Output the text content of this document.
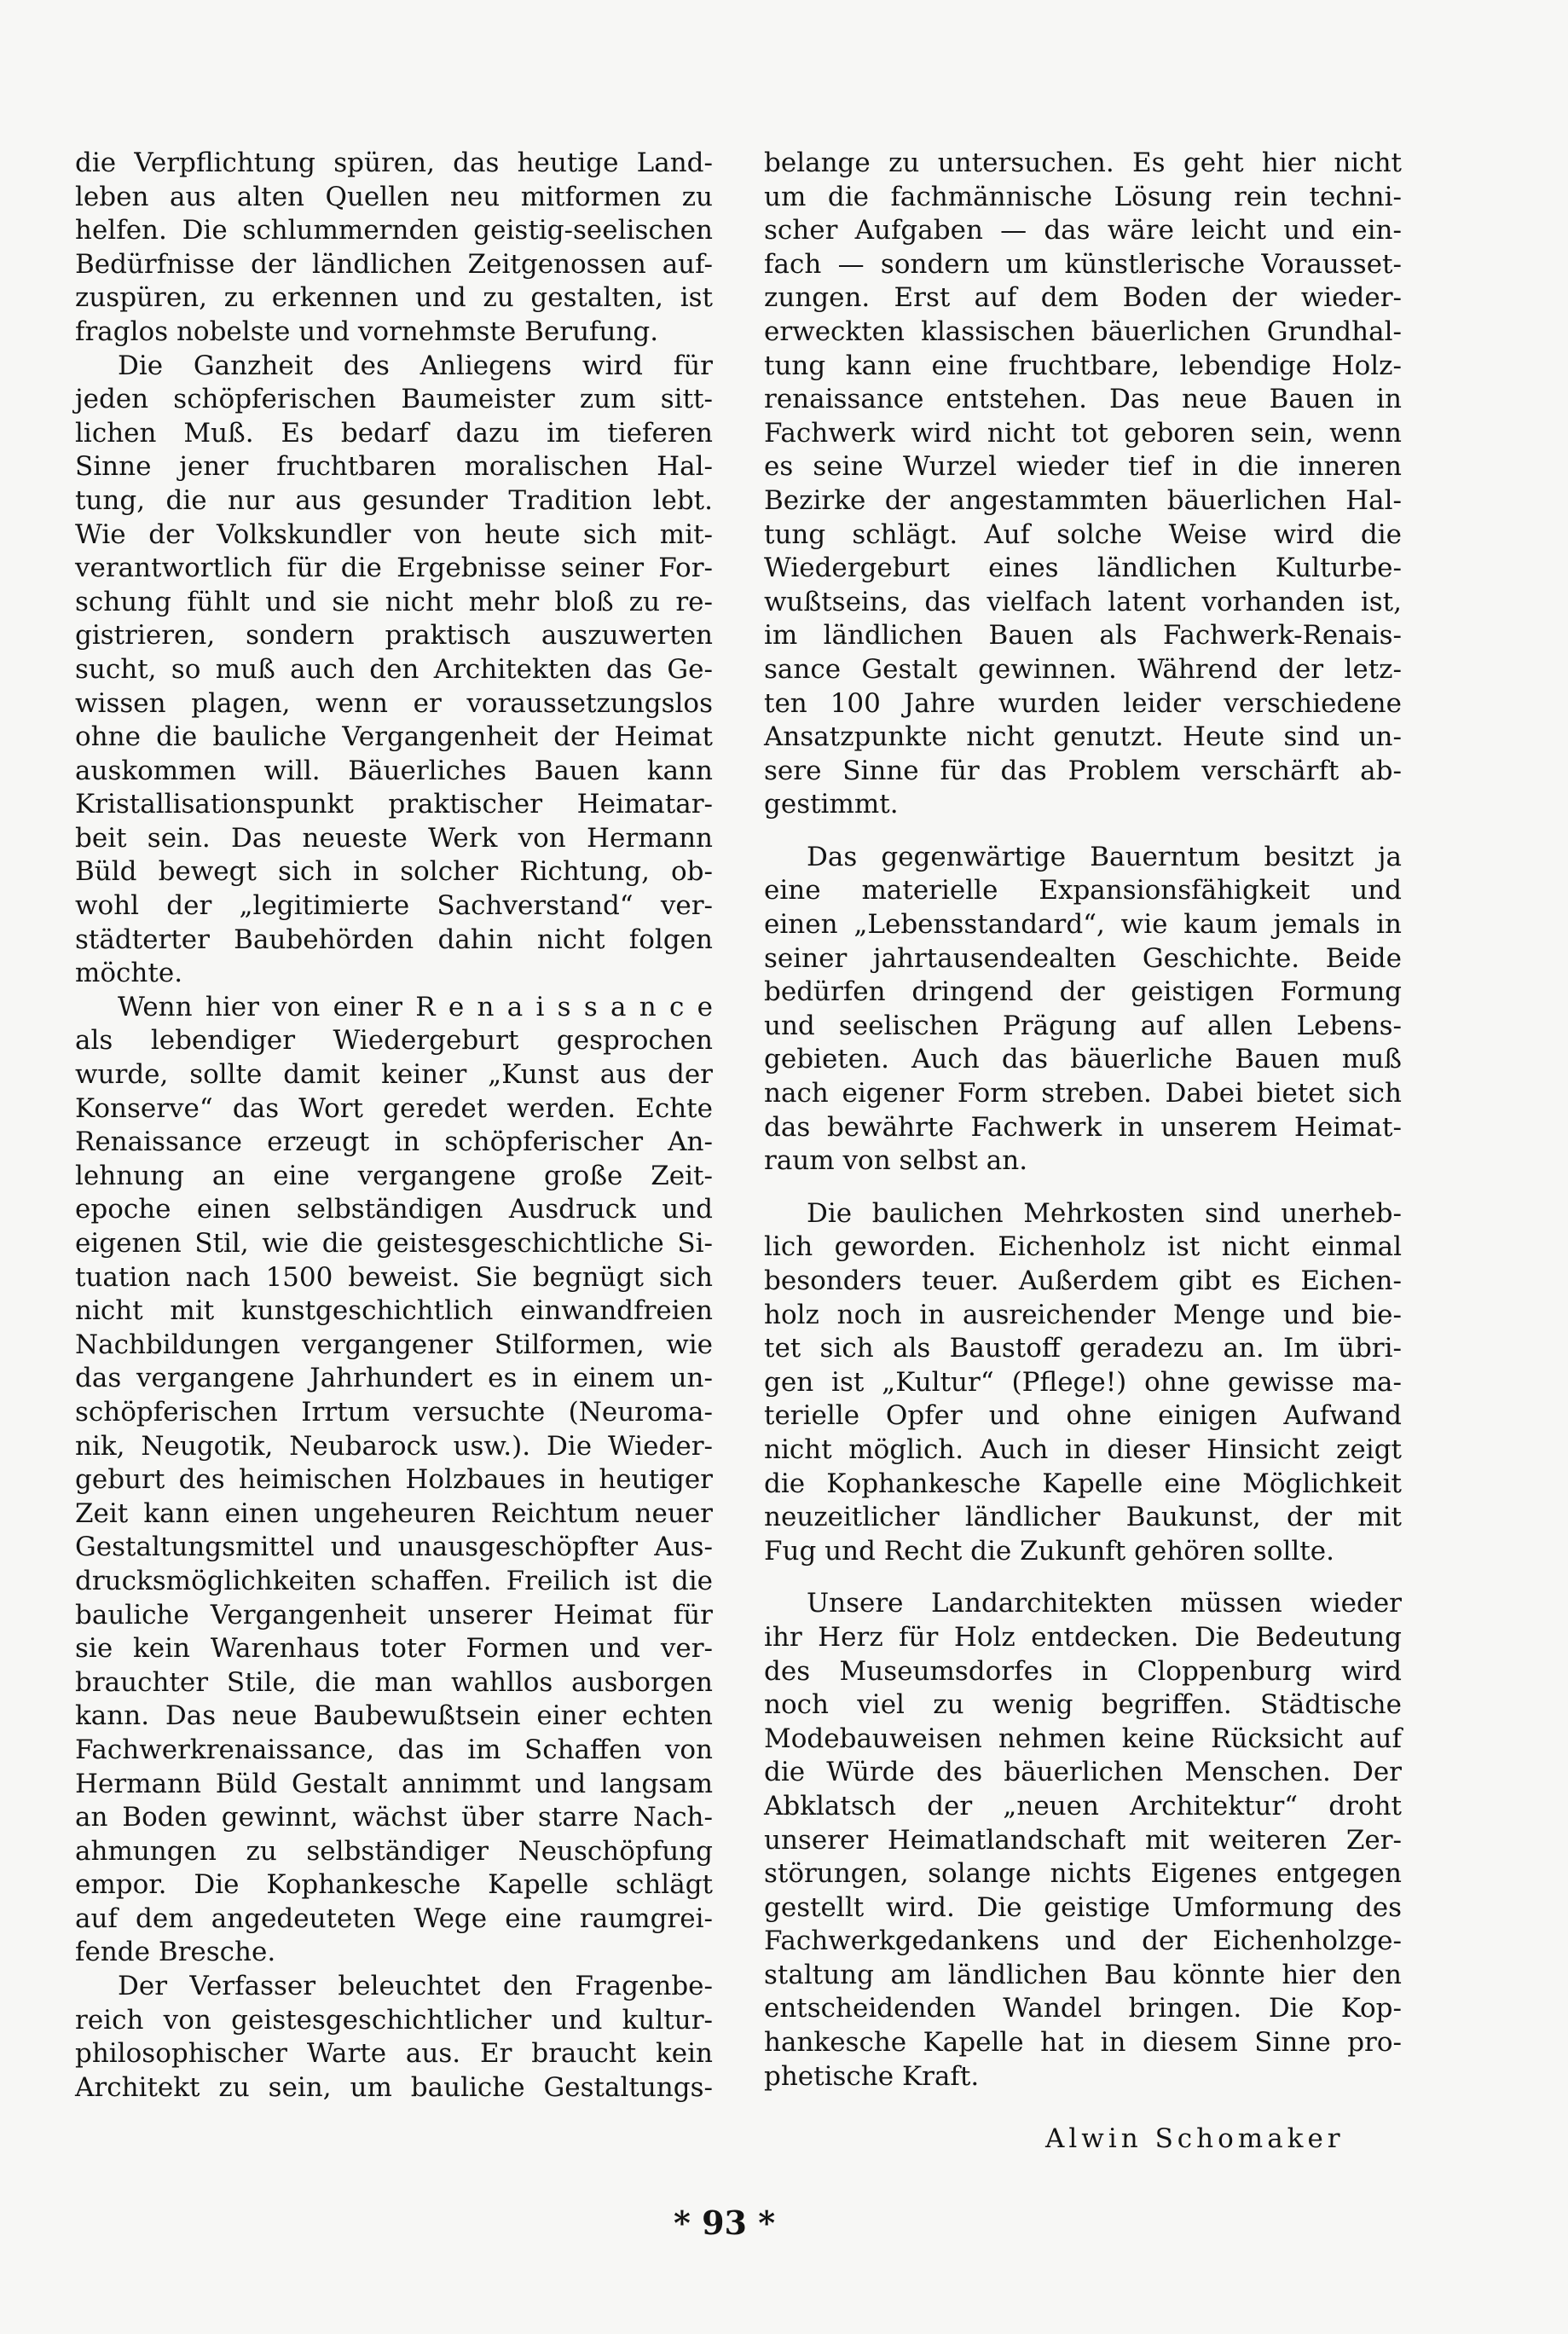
die Verpflichtung spüren, das heutige Land-
leben aus alten Quellen neu mitformen zu
helfen. Die schlummernden geistig-seelischen
Bedürfnisse der ländlichen Zeitgenossen auf-
zuspüren, zu erkennen und zu gestalten, ist
fraglos nobelste und vornehmste Berufung.
Die Ganzheit des Anliegens wird für
jeden schöpferischen Baumeister zum sitt-
lichen Muß. Es bedarf dazu im tieferen
Sinne jener fruchtbaren moralischen Hal-
tung, die nur aus gesunder Tradition lebt.
Wie der Volkskundler von heute sich mit-
verantwortlich für die Ergebnisse seiner For-
schung fühlt und sie nicht mehr bloß zu re-
gistrieren, sondern praktisch auszuwerten
sucht, so muß auch den Architekten das Ge-
wissen plagen, wenn er voraussetzungslos
ohne die bauliche Vergangenheit der Heimat
auskommen will. Bäuerliches Bauen kann
Kristallisationspunkt praktischer Heimatar-
beit sein. Das neueste Werk von Hermann
Büld bewegt sich in solcher Richtung, ob-
wohl der „legitimierte Sachverstand“ ver-
städterter Baubehörden dahin nicht folgen
möchte.
Wenn hier von einer R e n a i s s a n c e
als lebendiger Wiedergeburt gesprochen
wurde, sollte damit keiner „Kunst aus der
Konserve“ das Wort geredet werden. Echte
Renaissance erzeugt in schöpferischer An-
lehnung an eine vergangene große Zeit-
epoche einen selbständigen Ausdruck und
eigenen Stil, wie die geistesgeschichtliche Si-
tuation nach 1500 beweist. Sie begnügt sich
nicht mit kunstgeschichtlich einwandfreien
Nachbildungen vergangener Stilformen, wie
das vergangene Jahrhundert es in einem un-
schöpferischen Irrtum versuchte (Neuroma-
nik, Neugotik, Neubarock usw.). Die Wieder-
geburt des heimischen Holzbaues in heutiger
Zeit kann einen ungeheuren Reichtum neuer
Gestaltungsmittel und unausgeschöpfter Aus-
drucksmöglichkeiten schaffen. Freilich ist die
bauliche Vergangenheit unserer Heimat für
sie kein Warenhaus toter Formen und ver-
brauchter Stile, die man wahllos ausborgen
kann. Das neue Baubewußtsein einer echten
Fachwerkrenaissance, das im Schaffen von
Hermann Büld Gestalt annimmt und langsam
an Boden gewinnt, wächst über starre Nach-
ahmungen zu selbständiger Neuschöpfung
empor. Die Kophankesche Kapelle schlägt
auf dem angedeuteten Wege eine raumgrei-
fende Bresche.
Der Verfasser beleuchtet den Fragenbe-
reich von geistesgeschichtlicher und kultur-
philosophischer Warte aus. Er braucht kein
Architekt zu sein, um bauliche Gestaltungs-
belange zu untersuchen. Es geht hier nicht
um die fachmännische Lösung rein techni-
scher Aufgaben — das wäre leicht und ein-
fach — sondern um künstlerische Vorausset-
zungen. Erst auf dem Boden der wieder-
erweckten klassischen bäuerlichen Grundhal-
tung kann eine fruchtbare, lebendige Holz-
renaissance entstehen. Das neue Bauen in
Fachwerk wird nicht tot geboren sein, wenn
es seine Wurzel wieder tief in die inneren
Bezirke der angestammten bäuerlichen Hal-
tung schlägt. Auf solche Weise wird die
Wiedergeburt eines ländlichen Kulturbe-
wußtseins, das vielfach latent vorhanden ist,
im ländlichen Bauen als Fachwerk-Renais-
sance Gestalt gewinnen. Während der letz-
ten 100 Jahre wurden leider verschiedene
Ansatzpunkte nicht genutzt. Heute sind un-
sere Sinne für das Problem verschärft ab-
gestimmt.
Das gegenwärtige Bauerntum besitzt ja
eine materielle Expansionsfähigkeit und
einen „Lebensstandard“, wie kaum jemals in
seiner jahrtausendealten Geschichte. Beide
bedürfen dringend der geistigen Formung
und seelischen Prägung auf allen Lebens-
gebieten. Auch das bäuerliche Bauen muß
nach eigener Form streben. Dabei bietet sich
das bewährte Fachwerk in unserem Heimat-
raum von selbst an.
Die baulichen Mehrkosten sind unerheb-
lich geworden. Eichenholz ist nicht einmal
besonders teuer. Außerdem gibt es Eichen-
holz noch in ausreichender Menge und bie-
tet sich als Baustoff geradezu an. Im übri-
gen ist „Kultur“ (Pflege!) ohne gewisse ma-
terielle Opfer und ohne einigen Aufwand
nicht möglich. Auch in dieser Hinsicht zeigt
die Kophankesche Kapelle eine Möglichkeit
neuzeitlicher ländlicher Baukunst, der mit
Fug und Recht die Zukunft gehören sollte.
Unsere Landarchitekten müssen wieder
ihr Herz für Holz entdecken. Die Bedeutung
des Museumsdorfes in Cloppenburg wird
noch viel zu wenig begriffen. Städtische
Modebauweisen nehmen keine Rücksicht auf
die Würde des bäuerlichen Menschen. Der
Abklatsch der „neuen Architektur“ droht
unserer Heimatlandschaft mit weiteren Zer-
störungen, solange nichts Eigenes entgegen
gestellt wird. Die geistige Umformung des
Fachwerkgedankens und der Eichenholzge-
staltung am ländlichen Bau könnte hier den
entscheidenden Wandel bringen. Die Kop-
hankesche Kapelle hat in diesem Sinne pro-
phetische Kraft.
Alwin Schomaker
* 93 *
